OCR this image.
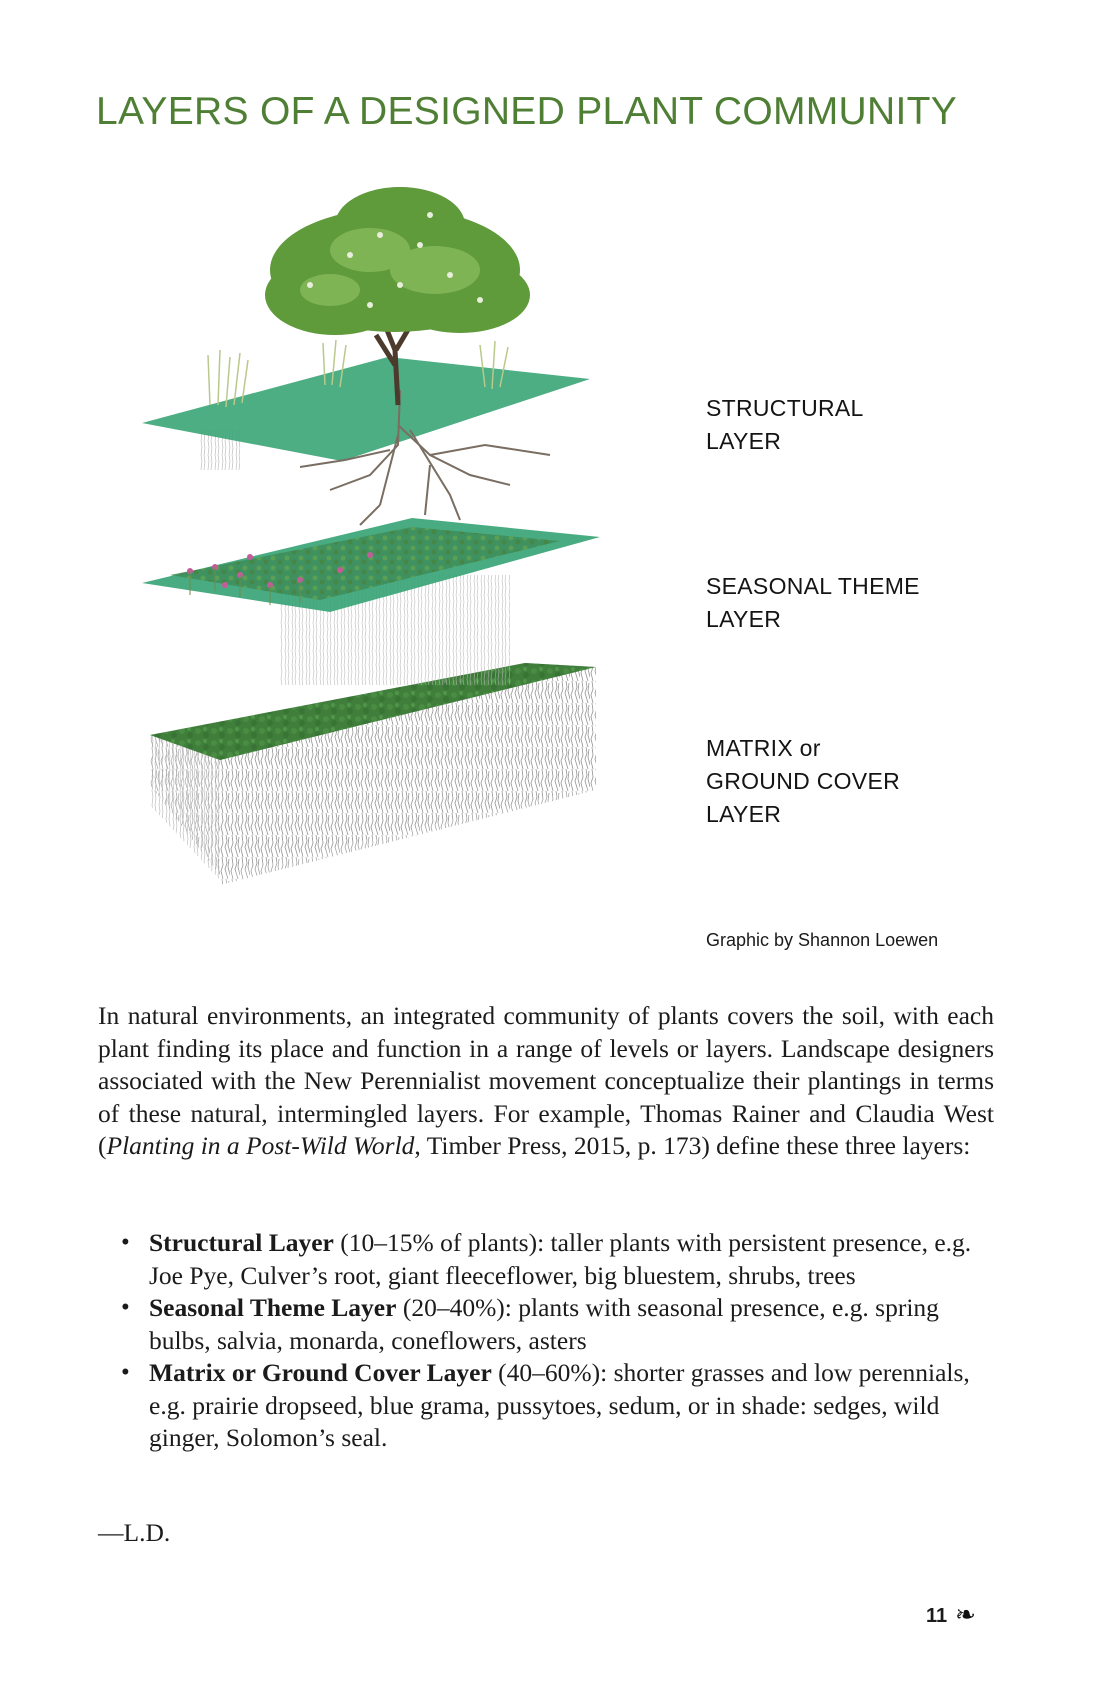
LAYERS OF A DESIGNED PLANT COMMUNITY
STRUCTURAL
LAYER
SEASONAL THEME
LAYER
MATRIX or
GROUND COVER
LAYER
Graphic by Shannon Loewen

In natural environments, an integrated community of plants covers the soil, with each plant finding its place and function in a range of levels or layers. Landscape designers associated with the New Perennialist movement conceptualize their plantings in terms of these natural, intermingled layers. For example, Thomas Rainer and Claudia West (Planting in a Post-Wild World, Timber Press, 2015, p. 173) define these three layers:

• Structural Layer (10–15% of plants): taller plants with persistent presence, e.g. Joe Pye, Culver’s root, giant fleeceflower, big bluestem, shrubs, trees
• Seasonal Theme Layer (20–40%): plants with seasonal presence, e.g. spring bulbs, salvia, monarda, coneflowers, asters
• Matrix or Ground Cover Layer (40–60%): shorter grasses and low perennials, e.g. prairie dropseed, blue grama, pussytoes, sedum, or in shade: sedges, wild ginger, Solomon’s seal.
—L.D.
11 ❧
